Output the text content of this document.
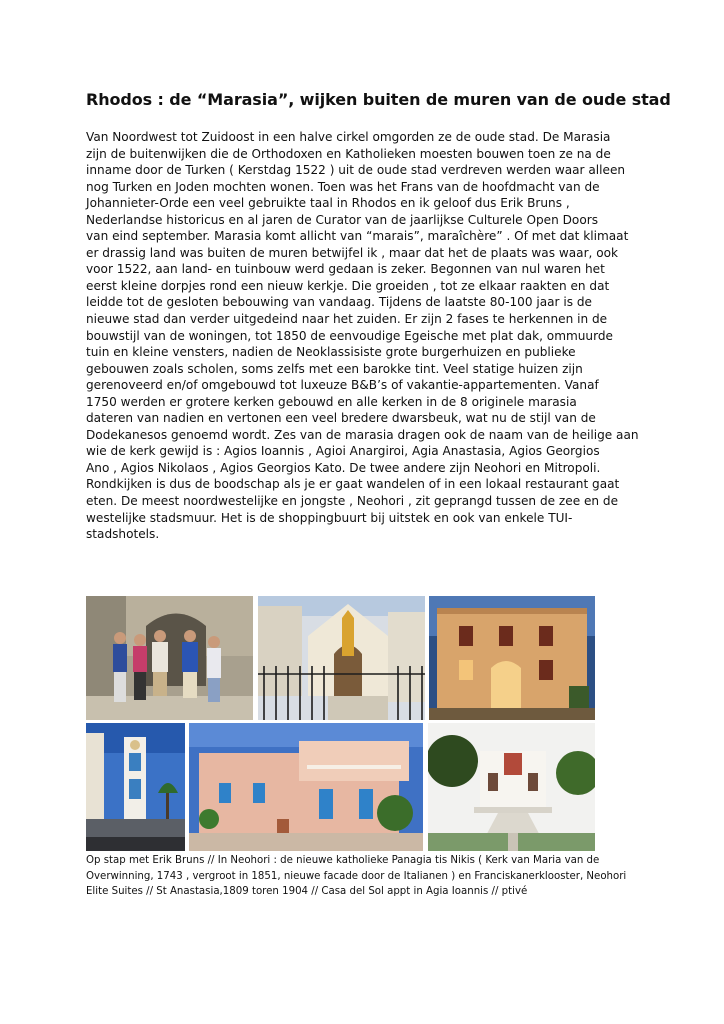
Rhodos : de “Marasia”, wijken buiten de muren van de oude stad
Van Noordwest tot Zuidoost in een halve cirkel omgorden ze de oude stad. De Marasia
zijn de buitenwijken die de Orthodoxen en Katholieken moesten bouwen toen ze na de
inname door de Turken ( Kerstdag 1522 ) uit de oude stad verdreven werden waar alleen
nog Turken en Joden mochten wonen. Toen was het Frans van de hoofdmacht van de
Johannieter-Orde een veel gebruikte taal in Rhodos en ik geloof dus Erik Bruns ,
Nederlandse historicus en al jaren de Curator van de jaarlijkse Culturele Open Doors
van eind september. Marasia komt allicht van “marais”, maraîchère” . Of met dat klimaat
er drassig land was buiten de muren betwijfel ik , maar dat het de plaats was waar, ook
voor 1522, aan land- en tuinbouw werd gedaan is zeker. Begonnen van nul waren het
eerst kleine dorpjes rond een nieuw kerkje. Die groeiden , tot ze elkaar raakten en dat
leidde tot de gesloten bebouwing van vandaag. Tijdens de laatste 80-100 jaar is de
nieuwe stad dan verder uitgedeind naar het zuiden. Er zijn 2 fases te herkennen in de
bouwstijl van de woningen, tot 1850 de eenvoudige Egeische met plat dak, ommuurde
tuin en kleine vensters, nadien de Neoklassisiste grote burgerhuizen en publieke
gebouwen zoals scholen, soms zelfs met een barokke tint. Veel statige huizen zijn
gerenoveerd en/of omgebouwd tot luxeuze B&B’s of vakantie-appartementen. Vanaf
1750 werden er grotere kerken gebouwd en alle kerken in de 8 originele marasia
dateren van nadien en vertonen een veel bredere dwarsbeuk, wat nu de stijl van de
Dodekanesos genoemd wordt. Zes van de marasia dragen ook de naam van de heilige aan
wie de kerk gewijd is : Agios Ioannis , Agioi Anargiroi, Agia Anastasia, Agios Georgios
Ano , Agios Nikolaos , Agios Georgios Kato. De twee andere zijn Neohori en Mitropoli.
Rondkijken is dus de boodschap als je er gaat wandelen of in een lokaal restaurant gaat
eten. De meest noordwestelijke en jongste , Neohori , zit geprangd tussen de zee en de
westelijke stadsmuur. Het is de shoppingbuurt bij uitstek en ook van enkele TUI-
stadshotels.
Op stap met Erik Bruns // In Neohori : de nieuwe katholieke Panagia tis Nikis ( Kerk van Maria van de
Overwinning, 1743 , vergroot in 1851, nieuwe facade door de Italianen ) en Franciskanerklooster, Neohori
Elite Suites // St Anastasia,1809 toren 1904 // Casa del Sol appt in Agia Ioannis // ptivé
